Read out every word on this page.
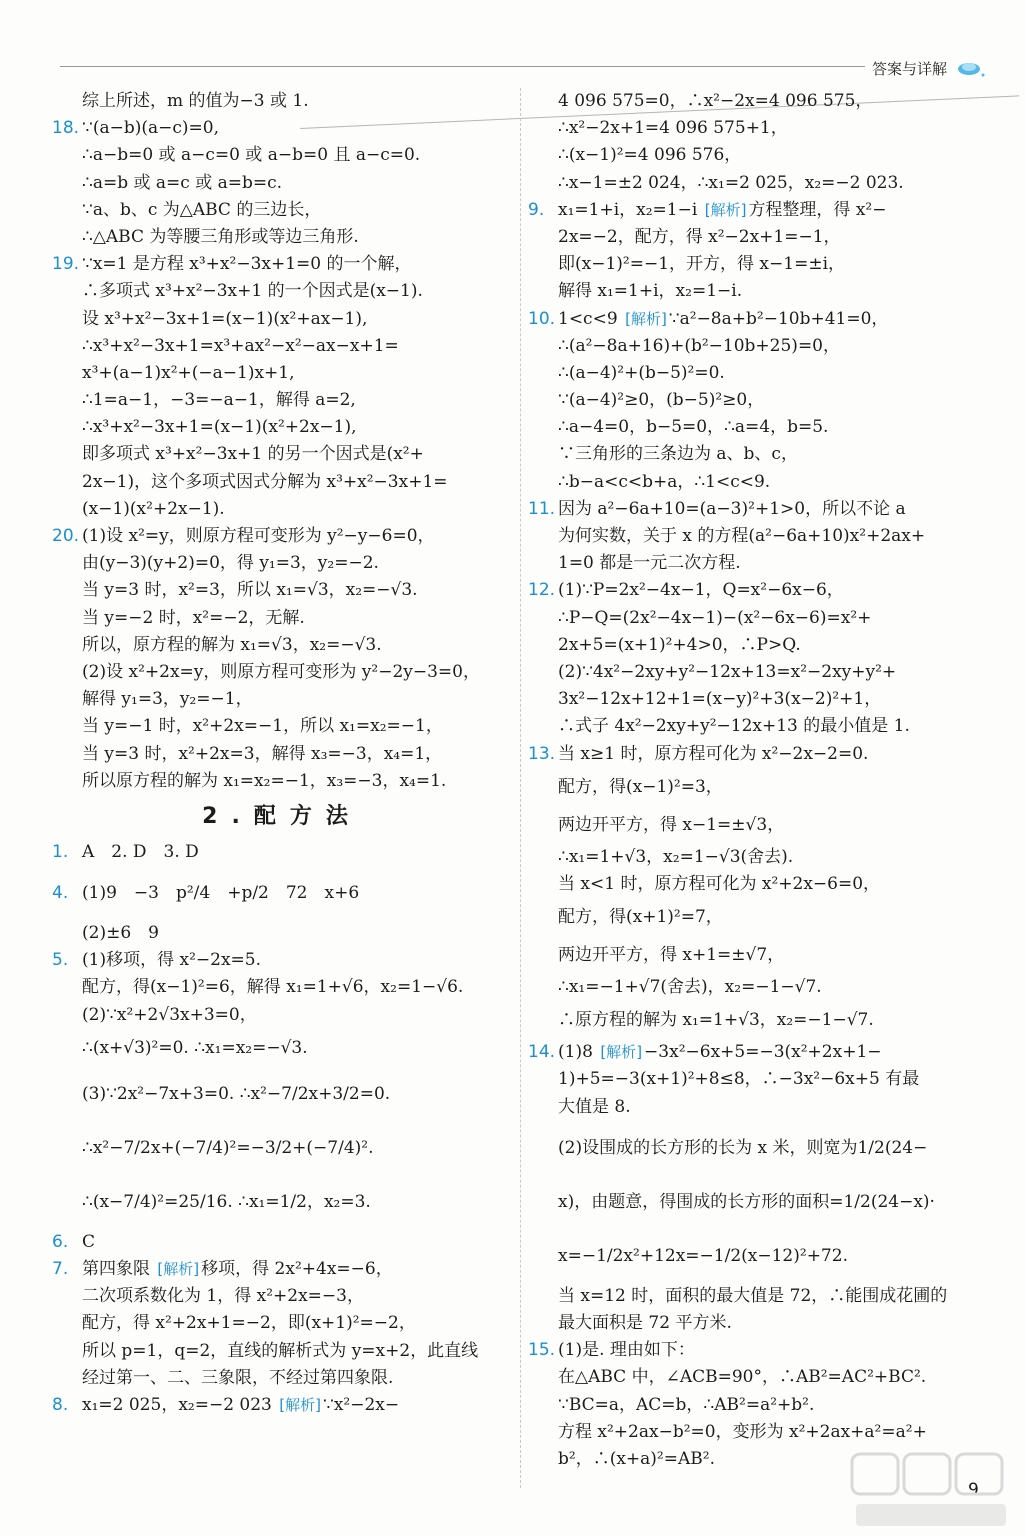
答案与详解
综上所述，m 的值为−3 或 1.
18. ∵(a−b)(a−c)=0,
∴a−b=0 或 a−c=0 或 a−b=0 且 a−c=0.
∴a=b 或 a=c 或 a=b=c.
∵a、b、c 为△ABC 的三边长，
∴△ABC 为等腰三角形或等边三角形.
19. ∵x=1 是方程 x³+x²−3x+1=0 的一个解，
∴多项式 x³+x²−3x+1 的一个因式是(x−1).
设 x³+x²−3x+1=(x−1)(x²+ax−1),
∴x³+x²−3x+1=x³+ax²−x²−ax−x+1=
x³+(a−1)x²+(−a−1)x+1,
∴1=a−1，−3=−a−1，解得 a=2,
∴x³+x²−3x+1=(x−1)(x²+2x−1),
即多项式 x³+x²−3x+1 的另一个因式是(x²+
2x−1)，这个多项式因式分解为 x³+x²−3x+1=
(x−1)(x²+2x−1).
20. (1)设 x²=y，则原方程可变形为 y²−y−6=0，
由(y−3)(y+2)=0，得 y₁=3，y₂=−2.
当 y=3 时，x²=3，所以 x₁=√3，x₂=−√3.
当 y=−2 时，x²=−2，无解.
所以，原方程的解为 x₁=√3，x₂=−√3.
(2)设 x²+2x=y，则原方程可变形为 y²−2y−3=0，
解得 y₁=3，y₂=−1，
当 y=−1 时，x²+2x=−1，所以 x₁=x₂=−1，
当 y=3 时，x²+2x=3，解得 x₃=−3，x₄=1，
所以原方程的解为 x₁=x₂=−1，x₃=−3，x₄=1.
2.配方法
1. A　2. D　3. D
4. (1)9　−3　p²/4　+p/2　72　x+6
(2)±6　9
5. (1)移项，得 x²−2x=5.
配方，得(x−1)²=6，解得 x₁=1+√6，x₂=1−√6.
(2)∵x²+2√3x+3=0，
∴(x+√3)²=0. ∴x₁=x₂=−√3.
(3)∵2x²−7x+3=0. ∴x²−7/2x+3/2=0.
∴x²−7/2x+(−7/4)²=−3/2+(−7/4)².
∴(x−7/4)²=25/16. ∴x₁=1/2，x₂=3.
6. C
7. 第四象限 [ 解析 ] 移项，得 2x²+4x=−6，
二次项系数化为 1，得 x²+2x=−3，
配方，得 x²+2x+1=−2，即(x+1)²=−2，
所以 p=1，q=2，直线的解析式为 y=x+2，此直线
经过第一、二、三象限，不经过第四象限.
8. x₁=2 025，x₂=−2 023 [ 解析 ] ∵x²−2x−
4 096 575=0，∴x²−2x=4 096 575，
∴x²−2x+1=4 096 575+1，
∴(x−1)²=4 096 576，
∴x−1=±2 024，∴x₁=2 025，x₂=−2 023.
9. x₁=1+i，x₂=1−i [ 解析 ] 方程整理，得 x²−
2x=−2，配方，得 x²−2x+1=−1，
即(x−1)²=−1，开方，得 x−1=±i，
解得 x₁=1+i，x₂=1−i.
10. 1<c<9 [ 解析 ] ∵a²−8a+b²−10b+41=0，
∴(a²−8a+16)+(b²−10b+25)=0，
∴(a−4)²+(b−5)²=0.
∵(a−4)²≥0，(b−5)²≥0，
∴a−4=0，b−5=0，∴a=4，b=5.
∵三角形的三条边为 a、b、c，
∴b−a<c<b+a，∴1<c<9.
11. 因为 a²−6a+10=(a−3)²+1>0，所以不论 a
为何实数，关于 x 的方程(a²−6a+10)x²+2ax+
1=0 都是一元二次方程.
12. (1)∵P=2x²−4x−1，Q=x²−6x−6，
∴P−Q=(2x²−4x−1)−(x²−6x−6)=x²+
2x+5=(x+1)²+4>0，∴P>Q.
(2)∵4x²−2xy+y²−12x+13=x²−2xy+y²+
3x²−12x+12+1=(x−y)²+3(x−2)²+1，
∴式子 4x²−2xy+y²−12x+13 的最小值是 1.
13. 当 x≥1 时，原方程可化为 x²−2x−2=0.
配方，得(x−1)²=3，
两边开平方，得 x−1=±√3，
∴x₁=1+√3，x₂=1−√3(舍去).
当 x<1 时，原方程可化为 x²+2x−6=0，
配方，得(x+1)²=7，
两边开平方，得 x+1=±√7，
∴x₁=−1+√7(舍去)，x₂=−1−√7.
∴原方程的解为 x₁=1+√3，x₂=−1−√7.
14. (1)8 [ 解析 ] −3x²−6x+5=−3(x²+2x+1−
1)+5=−3(x+1)²+8≤8，∴−3x²−6x+5 有最
大值是 8.
(2)设围成的长方形的长为 x 米，则宽为1/2(24−
x)，由题意，得围成的长方形的面积=1/2(24−x)·
x=−1/2x²+12x=−1/2(x−12)²+72.
当 x=12 时，面积的最大值是 72，∴能围成花圃的
最大面积是 72 平方米.
15. (1)是. 理由如下：
在△ABC 中，∠ACB=90°，∴AB²=AC²+BC².
∵BC=a，AC=b，∴AB²=a²+b².
方程 x²+2ax−b²=0，变形为 x²+2ax+a²=a²+
b²，∴(x+a)²=AB².
9
